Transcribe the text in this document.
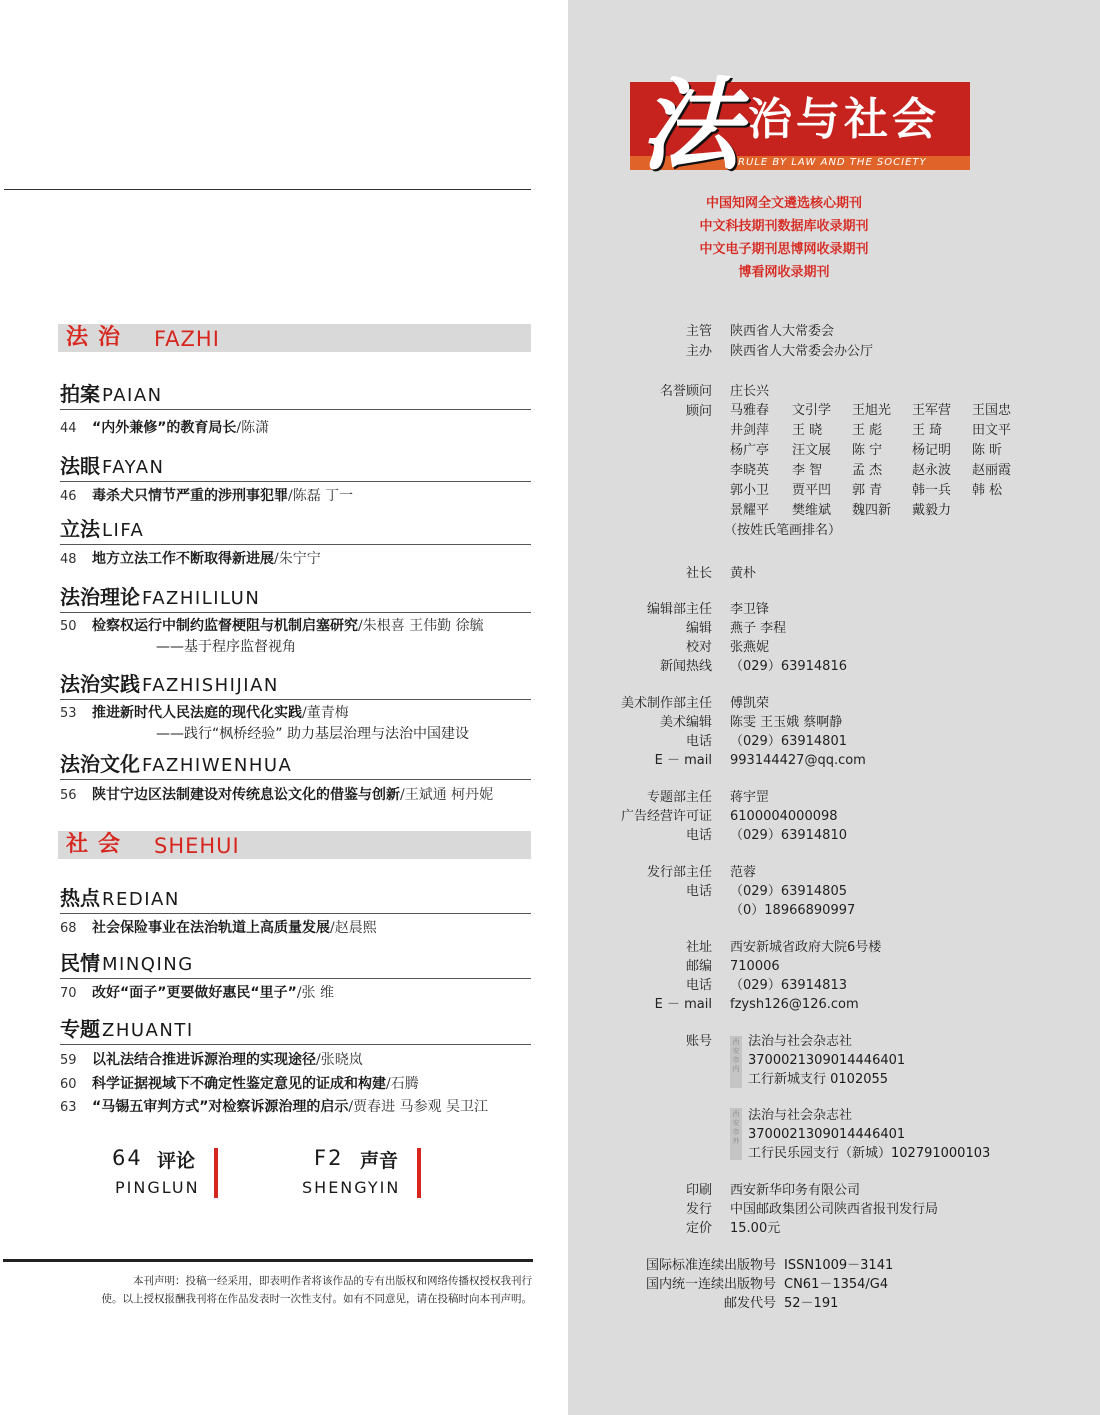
法治 FAZHI
拍案 PAIAN
44 “内外兼修”的教育局长/陈潇
法眼 FAYAN
46 毒杀犬只情节严重的涉刑事犯罪/陈磊 丁一
立法 LIFA
48 地方立法工作不断取得新进展/朱宁宁
法治理论 FAZHILILUN
50 检察权运行中制约监督梗阻与机制启塞研究/朱根喜 王伟勤 徐毓
——基于程序监督视角
法治实践 FAZHISHIJIAN
53 推进新时代人民法庭的现代化实践/董青梅
——践行“枫桥经验” 助力基层治理与法治中国建设
法治文化 FAZHIWENHUA
56 陕甘宁边区法制建设对传统息讼文化的借鉴与创新/王斌通 柯丹妮
社会 SHEHUI
热点 REDIAN
68 社会保险事业在法治轨道上高质量发展/赵晨熙
民情 MINQING
70 改好“面子”更要做好惠民“里子”/张 维
专题 ZHUANTI
59 以礼法结合推进诉源治理的实现途径/张晓岚
60 科学证据视域下不确定性鉴定意见的证成和构建/石腾
63 “马锡五审判方式”对检察诉源治理的启示/贾春进 马参观 吴卫江
64 评论
PINGLUN
F2 声音
SHENGYIN
本刊声明：投稿一经采用，即表明作者将该作品的专有出版权和网络传播权授权我刊行
使。以上授权报酬我刊将在作品发表时一次性支付。如有不同意见，请在投稿时向本刊声明。
RULE BY LAW AND THE SOCIETY
法 治与社会
中国知网全文遴选核心期刊
中文科技期刊数据库收录期刊
中文电子期刊思博网收录期刊
博看网收录期刊
主管 陕西省人大常委会
主办 陕西省人大常委会办公厅
名誉顾问 庄长兴
顾问 马雅春 文引学 王旭光 王军营 王国忠
井剑萍 王 晓 王 彪 王 琦 田文平
杨广亭 汪文展 陈 宁 杨记明 陈 昕
李晓英 李 智 孟 杰 赵永波 赵丽霞
郭小卫 贾平凹 郭 青 韩一兵 韩 松
景耀平 樊维斌 魏四新 戴毅力
（按姓氏笔画排名）
社长 黄朴
编辑部主任 李卫锋
编辑 燕子 李程
校对 张燕妮
新闻热线 （029）63914816
美术制作部主任 傅凯荣
美术编辑 陈雯 王玉娥 蔡啊静
电话 （029）63914801
E － mail 993144427@qq.com
专题部主任 蒋宇罡
广告经营许可证 6100004000098
电话 （029）63914810
发行部主任 范蓉
电话 （029）63914805
（0）18966890997
社址 西安新城省政府大院6号楼
邮编 710006
电话 （029）63914813
E － mail fzysh126@126.com
账号	西安市内
法治与社会杂志社
3700021309014446401
工行新城支行 0102055
西安市外
法治与社会杂志社
3700021309014446401
工行民乐园支行（新城）102791000103
印刷 西安新华印务有限公司
发行 中国邮政集团公司陕西省报刊发行局
定价 15.00元
国际标准连续出版物号 ISSN1009－3141
国内统一连续出版物号 CN61－1354/G4
邮发代号 52－191
